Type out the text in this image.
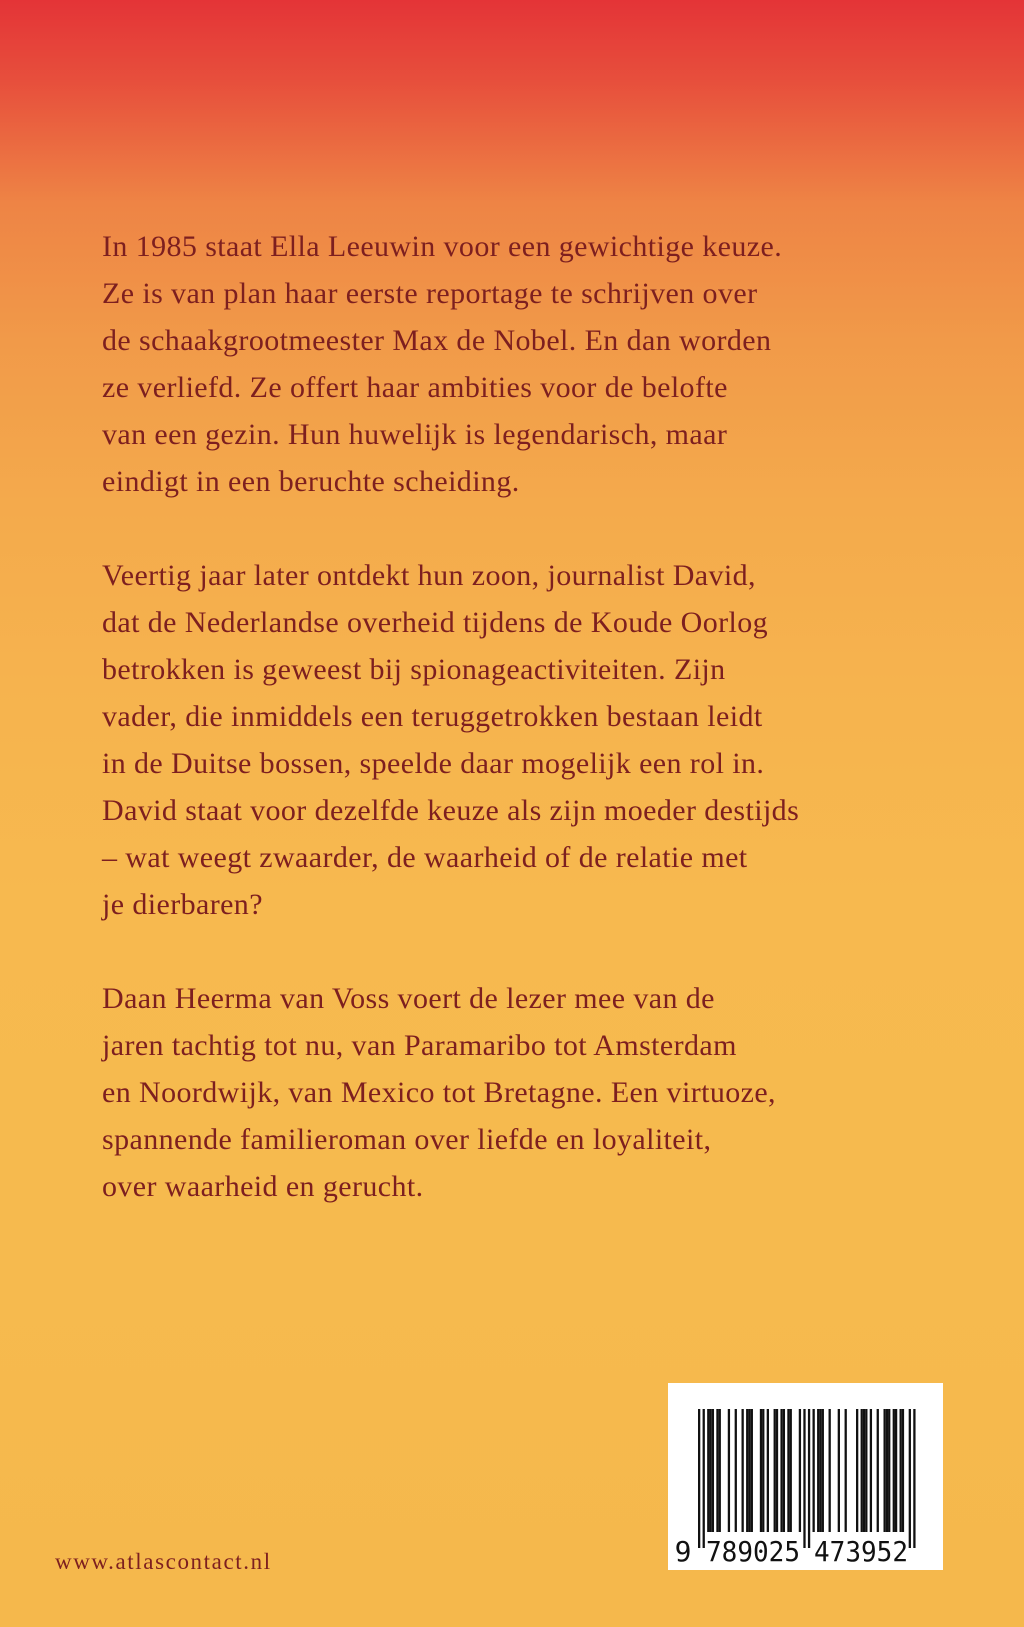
In 1985 staat Ella Leeuwin voor een gewichtige keuze.
Ze is van plan haar eerste reportage te schrijven over
de schaakgrootmeester Max de Nobel. En dan worden
ze verliefd. Ze offert haar ambities voor de belofte
van een gezin. Hun huwelijk is legendarisch, maar
eindigt in een beruchte scheiding.
Veertig jaar later ontdekt hun zoon, journalist David,
dat de Nederlandse overheid tijdens de Koude Oorlog
betrokken is geweest bij spionageactiviteiten. Zijn
vader, die inmiddels een teruggetrokken bestaan leidt
in de Duitse bossen, speelde daar mogelijk een rol in.
David staat voor dezelfde keuze als zijn moeder destijds
– wat weegt zwaarder, de waarheid of de relatie met
je dierbaren?
Daan Heerma van Voss voert de lezer mee van de
jaren tachtig tot nu, van Paramaribo tot Amsterdam
en Noordwijk, van Mexico tot Bretagne. Een virtuoze,
spannende familieroman over liefde en loyaliteit,
over waarheid en gerucht.
www.atlascontact.nl	9 789025 473952
